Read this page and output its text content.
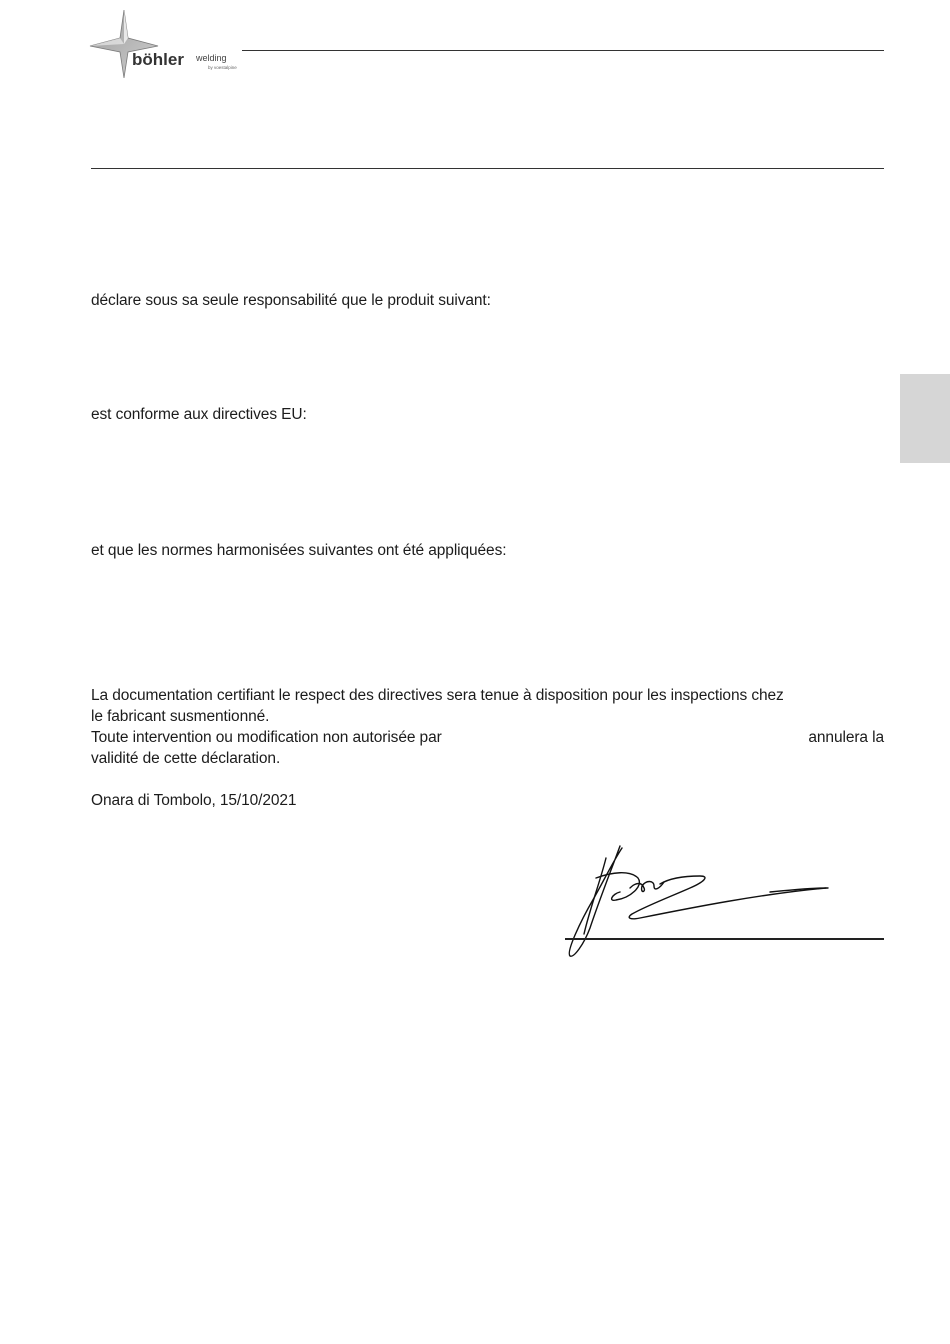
böhler welding
by voestalpine
déclare sous sa seule responsabilité que le produit suivant:
est conforme aux directives EU:
et que les normes harmonisées suivantes ont été appliquées:
La documentation certifiant le respect des directives sera tenue à disposition pour les inspections chez
le fabricant susmentionné.
Toute intervention ou modification non autorisée par	annulera la
validité de cette déclaration.
Onara di Tombolo, 15/10/2021
